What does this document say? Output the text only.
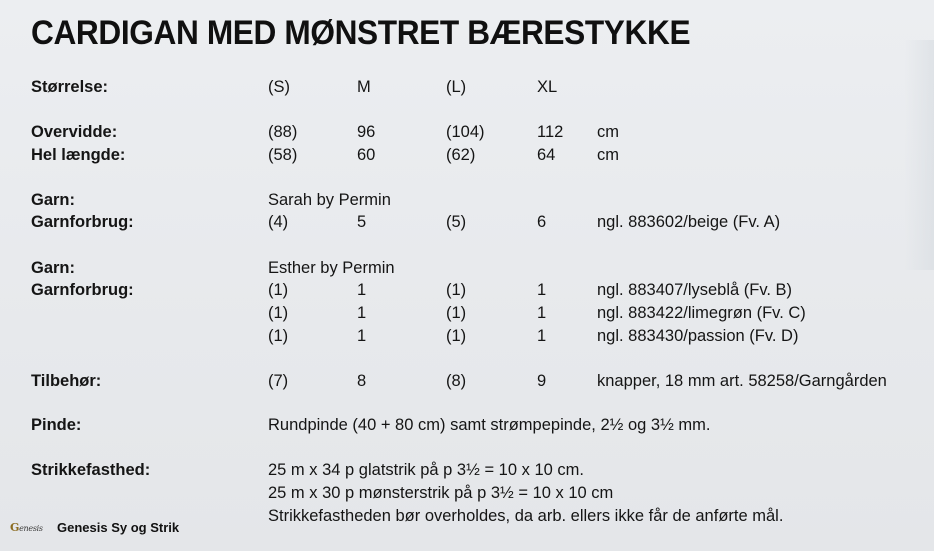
CARDIGAN MED MØNSTRET BÆRESTYKKE
Størrelse:	(S)	M	(L)	XL
Overvidde:	(88)	96	(104)	112 cm
Hel længde:	(58)	60	(62)	64	cm
Garn:	Sarah by Permin
Garnforbrug:	(4)	5	(5)	6	ngl. 883602/beige (Fv. A)
Garn:	Esther by Permin
Garnforbrug:	(1)	1	(1)	1	ngl. 883407/lyseblå (Fv. B)
(1)	1	(1)	1	ngl. 883422/limegrøn (Fv. C)
(1)	1	(1)	1	ngl. 883430/passion (Fv. D)
Tilbehør:	(7)	8	(8)	9	knapper, 18 mm art. 58258/Garngården
Pinde:	Rundpinde (40 + 80 cm) samt strømpepinde, 2½ og 3½ mm.
Strikkefasthed:	25 m x 34 p glatstrik på p 3½ = 10 x 10 cm.
25 m x 30 p mønsterstrik på p 3½ = 10 x 10 cm
Strikkefastheden bør overholdes, da arb. ellers ikke får de anførte mål.
Genesis Genesis Sy og Strik
